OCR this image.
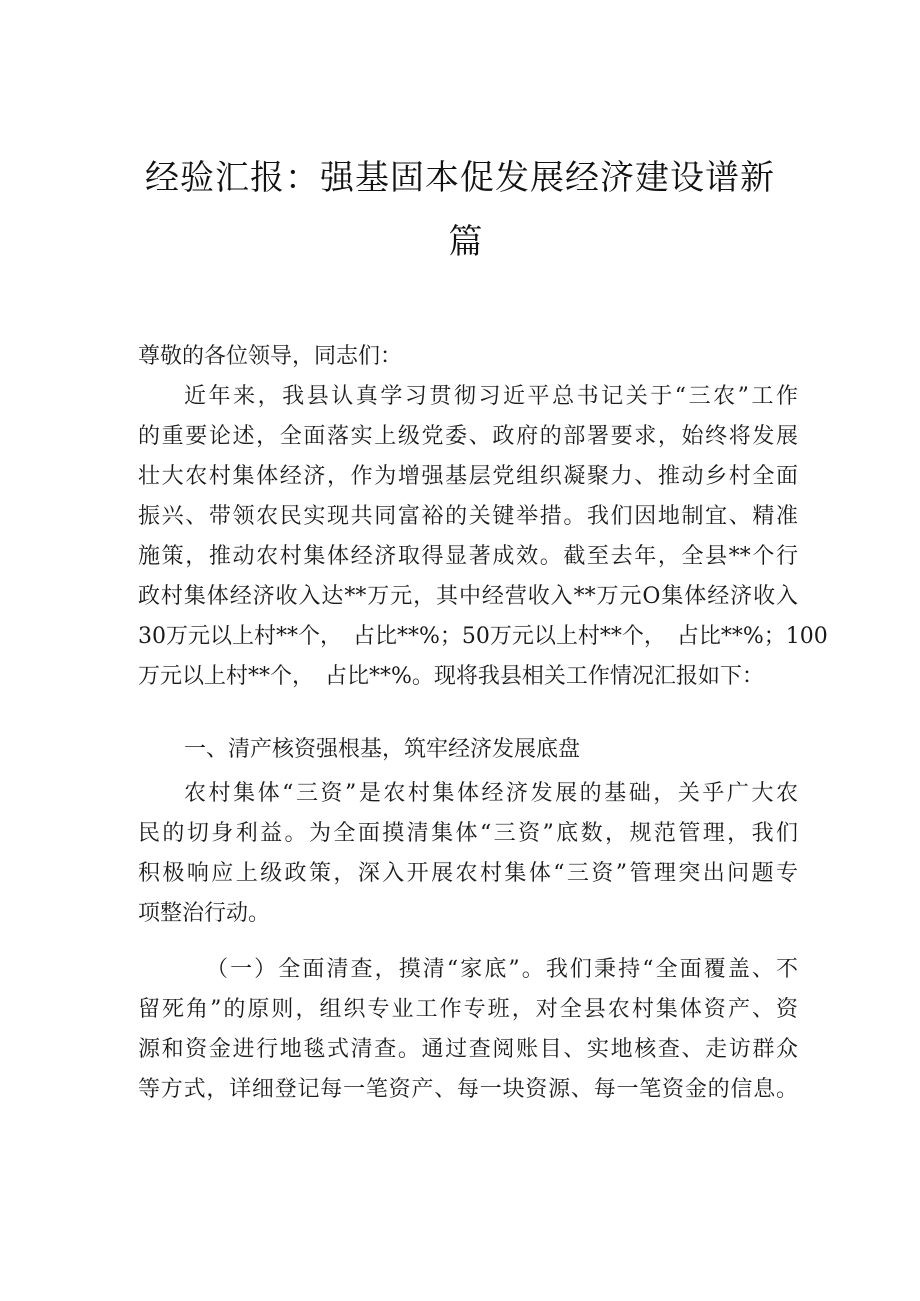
经验汇报：强基固本促发展经济建设谱新
篇
尊敬的各位领导，同志们：
近年来，我县认真学习贯彻习近平总书记关于“三农”工作
的重要论述，全面落实上级党委、政府的部署要求，始终将发展
壮大农村集体经济，作为增强基层党组织凝聚力、推动乡村全面
振兴、带领农民实现共同富裕的关键举措。我们因地制宜、精准
施策，推动农村集体经济取得显著成效。截至去年，全县**个行
政村集体经济收入达**万元，其中经营收入**万元O集体经济收入
30万元以上村**个，　占比**%；50万元以上村**个，　占比**%；100
万元以上村**个，　占比**%。现将我县相关工作情况汇报如下：
一、清产核资强根基，筑牢经济发展底盘
农村集体“三资”是农村集体经济发展的基础，关乎广大农
民的切身利益。为全面摸清集体“三资”底数，规范管理，我们
积极响应上级政策，深入开展农村集体“三资”管理突出问题专
项整治行动。
（一）全面清查，摸清“家底”。我们秉持“全面覆盖、不
留死角”的原则，组织专业工作专班，对全县农村集体资产、资
源和资金进行地毯式清查。通过查阅账目、实地核查、走访群众
等方式，详细登记每一笔资产、每一块资源、每一笔资金的信息。
